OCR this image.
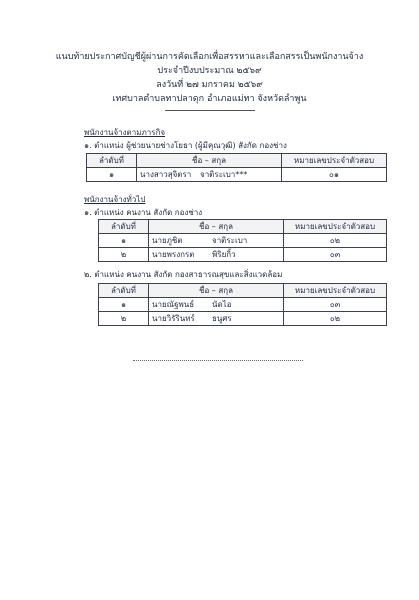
แนบท้ายประกาศบัญชีผู้ผ่านการคัดเลือกเพื่อสรรหาและเลือกสรรเป็นพนักงานจ้าง
ประจำปีงบประมาณ ๒๕๖๙
ลงวันที่ ๒๗ มกราคม ๒๕๖๙
เทศบาลตำบลทาปลาดุก อำเภอแม่ทา จังหวัดลำพูน
พนักงานจ้างตามภารกิจ
๑. ตำแหน่ง ผู้ช่วยนายช่างโยธา (ผู้มีคุณวุฒิ) สังกัด กองช่าง
ลำดับที่	ชื่อ – สกุล	หมายเลขประจำตัวสอบ
๑	นางสาวสุจิตรา จาติระเบา***	๐๑
พนักงานจ้างทั่วไป
๑. ตำแหน่ง คนงาน สังกัด กองช่าง
ลำดับที่	ชื่อ – สกุล	หมายเลขประจำตัวสอบ
๑	นายภูชิต จาติระเบา	๐๒
๒	นายพรงกรต พิริยกิ้ว	๐๓
๒. ตำแหน่ง คนงาน สังกัด กองสาธารณสุขและสิ่งแวดล้อม
ลำดับที่	ชื่อ – สกุล	หมายเลขประจำตัวสอบ
๑	นายณัฐพนธ์ นัดไอ	๐๓
๒	นายวิรัรินทร์ ธนูศร	๐๒
